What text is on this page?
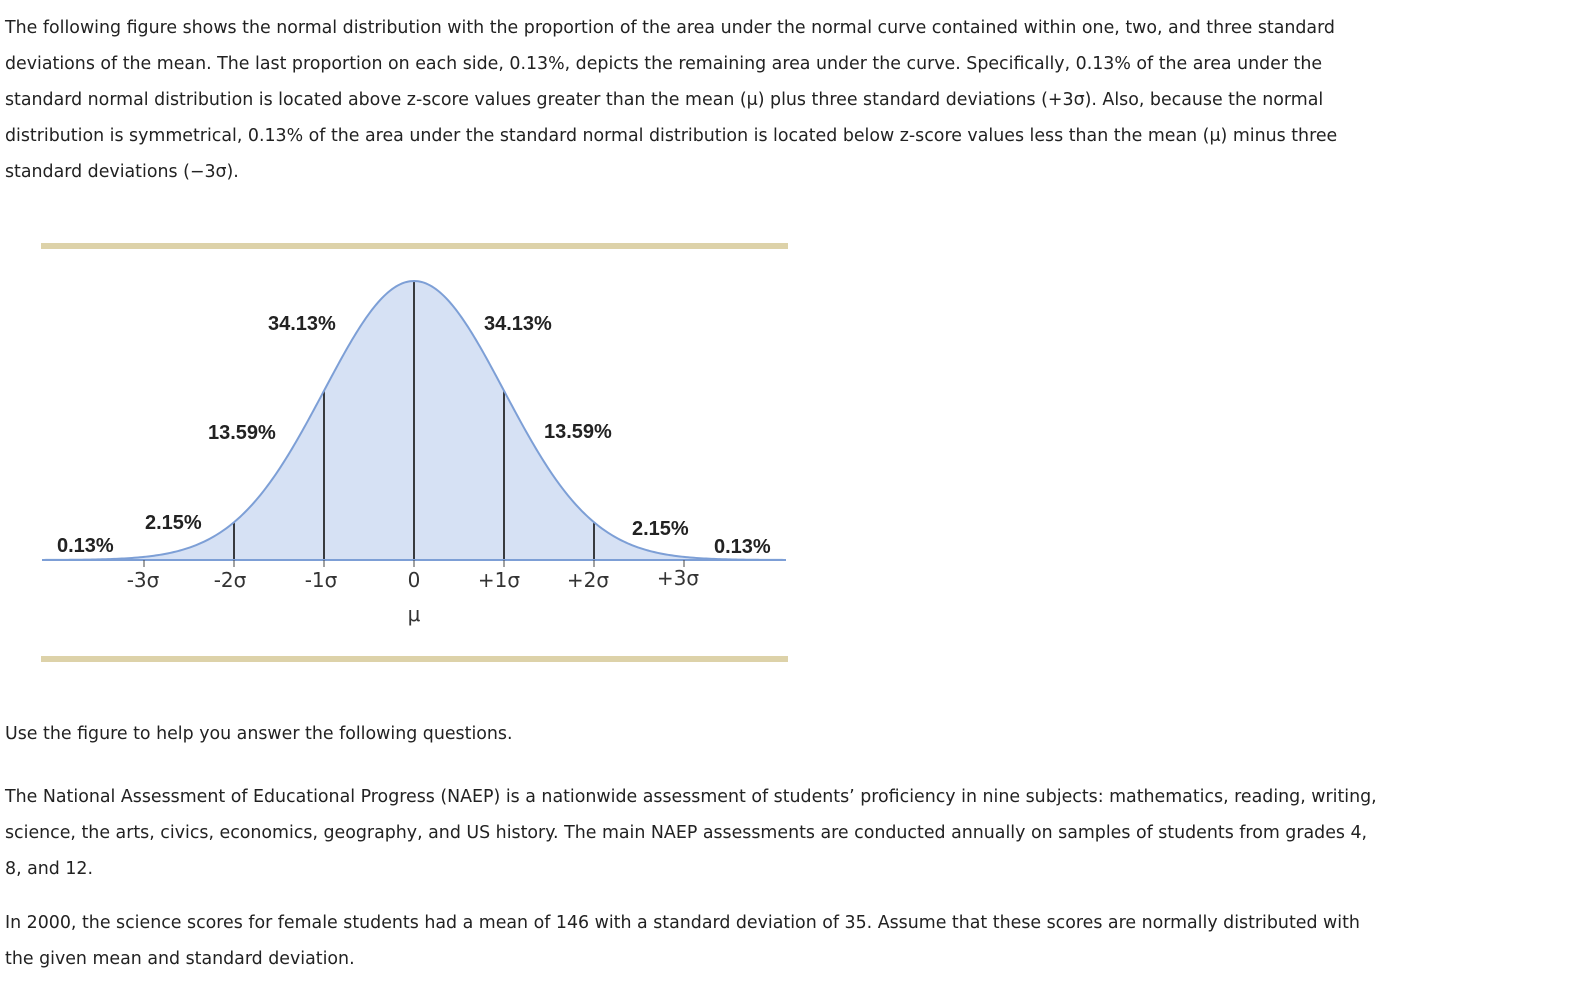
The following figure shows the normal distribution with the proportion of the area under the normal curve contained within one, two, and three standard deviations of the mean. The last proportion on each side, 0.13%, depicts the remaining area under the curve. Specifically, 0.13% of the area under the standard normal distribution is located above z-score values greater than the mean (μ) plus three standard deviations (+3σ). Also, because the normal distribution is symmetrical, 0.13% of the area under the standard normal distribution is located below z-score values less than the mean (μ) minus three standard deviations (−3σ).

0.13%
2.15%
13.59%
34.13%	34.13%
13.59%
2.15%
0.13%
-3σ	-2σ	-1σ	0	+1σ +2σ +3σ
μ

Use the figure to help you answer the following questions.

The National Assessment of Educational Progress (NAEP) is a nationwide assessment of students’ proficiency in nine subjects: mathematics, reading, writing, science, the arts, civics, economics, geography, and US history. The main NAEP assessments are conducted annually on samples of students from grades 4, 8, and 12.

In 2000, the science scores for female students had a mean of 146 with a standard deviation of 35. Assume that these scores are normally distributed with the given mean and standard deviation.
